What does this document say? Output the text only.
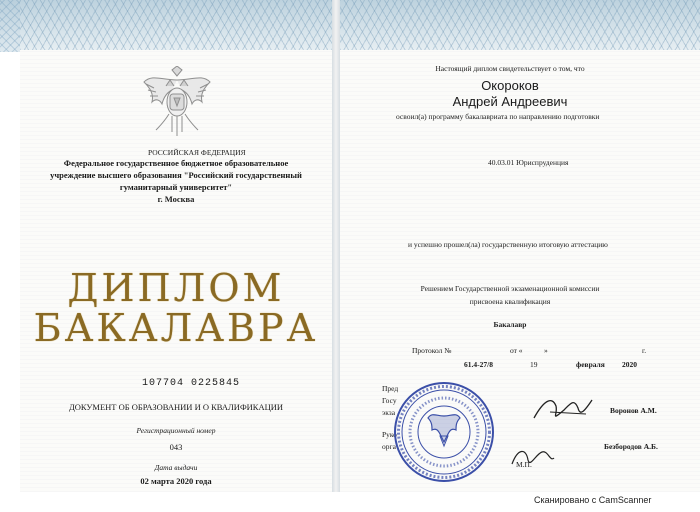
РОССИЙСКАЯ ФЕДЕРАЦИЯ
Федеральное государственное бюджетное образовательное
учреждение высшего образования "Российский государственный
гуманитарный университет"
г. Москва
ДИПЛОМ
БАКАЛАВРА
107704 0225845
ДОКУМЕНТ ОБ ОБРАЗОВАНИИ И О КВАЛИФИКАЦИИ
Регистрационный номер
043
Дата выдачи
02 марта 2020 года
Настоящий диплом свидетельствует о том, что
Окороков
Андрей Андреевич
освоил(а) программу бакалавриата по направлению подготовки
40.03.01 Юриспруденция
и успешно прошел(ла) государственную итоговую аттестацию
Решением Государственной экзаменационной комиссии
присвоена квалификация
Бакалавр
Протокол №	от «	»	г.
61.4-27/8	19	февраля 2020
Пред
Госу
экза
Руко
орга
Воронов А.М.
Безбородов А.Б.
М.П.
Сканировано с CamScanner
